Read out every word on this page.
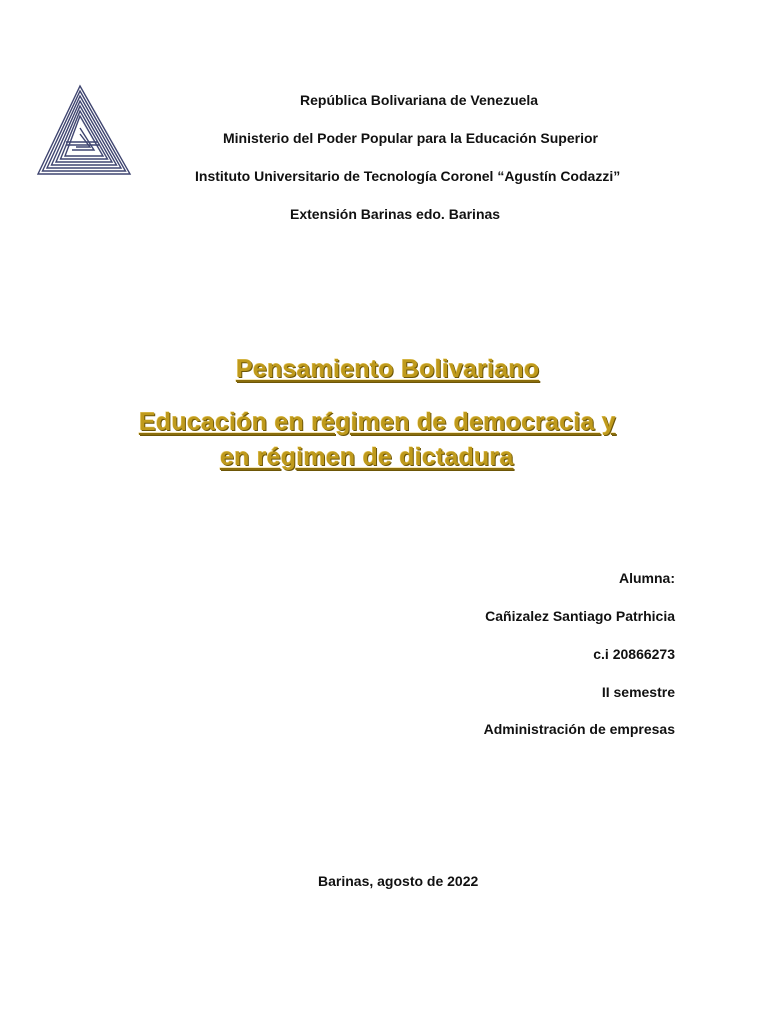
República Bolivariana de Venezuela
Ministerio del Poder Popular para la Educación Superior
Instituto Universitario de Tecnología Coronel “Agustín Codazzi”
Extensión Barinas edo. Barinas
Pensamiento Bolivariano
Educación en régimen de democracia y
en régimen de dictadura
Alumna:
Cañizalez Santiago Patrhicia
c.i 20866273
II semestre
Administración de empresas
Barinas, agosto de 2022
